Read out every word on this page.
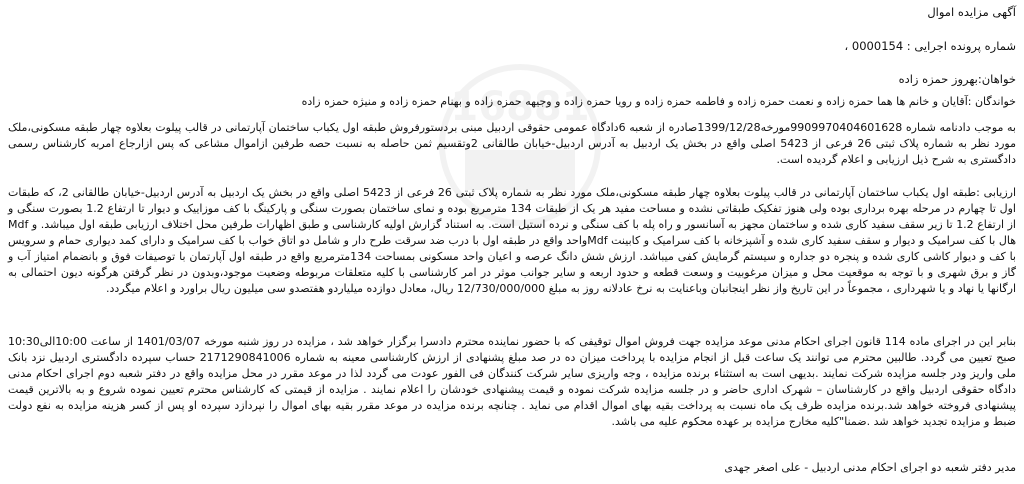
16881
آگهی مزایده اموال
شماره پرونده اجرایی : 0000154 ،
خواهان:بهروز حمزه زاده
خواندگان :آقایان و خانم ها هما حمزه زاده و نعمت حمزه زاده و فاطمه حمزه زاده و رویا حمزه زاده و وجیهه حمزه زاده و بهنام حمزه زاده و منیژه حمزه زاده
به موجب دادنامه شماره 9909970404601628مورخه1399/12/28صادره از شعبه 6دادگاه عمومی حقوقی اردبیل مبنی بردستورفروش طبقه اول یکباب ساختمان آپارتمانی در قالب پیلوت بعلاوه چهار طبقه مسکونی،ملک مورد نظر به شماره پلاک ثبتی 26 فرعی از 5423 اصلی واقع در بخش یک اردبیل به آدرس اردبیل-خیابان طالقانی 2وتقسیم ثمن حاصله به نسبت حصه طرفین ازاموال مشاعی که پس ازارجاع امربه کارشناس رسمی دادگستری به شرح ذیل ارزیابی و اعلام گردیده است.
ارزیابی :طبقه اول یکباب ساختمان آپارتمانی در قالب پیلوت بعلاوه چهار طبقه مسکونی،ملک مورد نظر به شماره پلاک ثبتی 26 فرعی از 5423 اصلی واقع در بخش یک اردبیل به آدرس اردبیل-خیابان طالقانی 2، که طبقات اول تا چهارم در مرحله بهره برداری بوده ولی هنوز تفکیک طبقاتی نشده و مساحت مفید هر یک از طبقات 134 مترمربع بوده و نمای ساختمان بصورت سنگی و پارکینگ با کف موزاییک و دیوار تا ارتفاع 1.2 بصورت سنگی و از ارتفاع 1.2 تا زیر سقف سفید کاری شده و ساختمان مجهز به آسانسور و راه پله با کف سنگی و نرده استیل است. به استناد گزارش اولیه کارشناسی و طبق اظهارات طرفین محل اختلاف ارزیابی طبقه اول میباشد. و Mdf هال با کف سرامیک و دیوار و سقف سفید کاری شده و آشپزخانه با کف سرامیک و کابینت Mdfواحد واقع در طبقه اول با درب ضد سرقت طرح دار و شامل دو اتاق خواب با کف سرامیک و دارای کمد دیواری حمام و سرویس با کف و دیوار کاشی کاری شده و پنجره دو جداره و سیستم گرمایش کفی میباشد. ارزش شش دانگ عرصه و اعیان واحد مسکونی بمساحت 134مترمربع واقع در طبقه اول آپارتمان با توصیفات فوق و بانضمام امتیاز آب و گاز و برق شهری و با توجه به موقعیت محل و میزان مرغوبیت و وسعت قطعه و حدود اربعه و سایر جوانب موثر در امر کارشناسی با کلیه متعلقات مربوطه وضعیت موجود،وبدون در نظر گرفتن هرگونه دیون احتمالی به ارگانها یا نهاد و یا شهرداری ، مجموعاً در این تاریخ واز نظر اینجانبان وباعنایت به نرخ عادلانه روز به مبلغ 12/730/000/000 ریال، معادل دوازده میلیاردو هفتصدو سی میلیون ریال براورد و اعلام میگردد.
بنابر این در اجرای ماده 114 قانون اجرای احکام مدنی موعد مزایده جهت فروش اموال توقیفی که با حضور نماینده محترم دادسرا برگزار خواهد شد ، مزایده در روز شنبه مورخه 1401/03/07 از ساعت 10:00الی10:30 صبح تعیین می گردد. طالبین محترم می توانند یک ساعت قبل از انجام مزایده با پرداخت میزان ده در صد مبلغ پشنهادی از ارزش کارشناسی معینه به شماره 2171290841006 حساب سپرده دادگستری اردبیل نزد بانک ملی واریز ودر جلسه مزایده شرکت نمایند .بدیهی است به استثناء برنده مزایده ، وجه واریزی سایر شرکت کنندگان فی الفور عودت می گردد لذا در موعد مقرر در محل مزایده واقع در دفتر شعبه دوم اجرای احکام مدنی دادگاه حقوقی اردبیل واقع در کارشناسان – شهرک اداری حاضر و در جلسه مزایده شرکت نموده و قیمت پیشنهادی خودشان را اعلام نمایند . مزایده از قیمتی که کارشناس محترم تعیین نموده شروع و به بالاترین قیمت پیشنهادی فروخته خواهد شد.برنده مزایده ظرف یک ماه نسبت به پرداخت بقیه بهای اموال اقدام می نماید . چنانچه برنده مزایده در موعد مقرر بقیه بهای اموال را نپردازد سپرده او پس از کسر هزینه مزایده به نفع دولت ضبط و مزایده تجدید خواهد شد .ضمنا"کلیه مخارج مزایده بر عهده محکوم علیه می باشد.
مدیر دفتر شعبه دو اجرای احکام مدنی اردبیل - علی اصغر جهدی
